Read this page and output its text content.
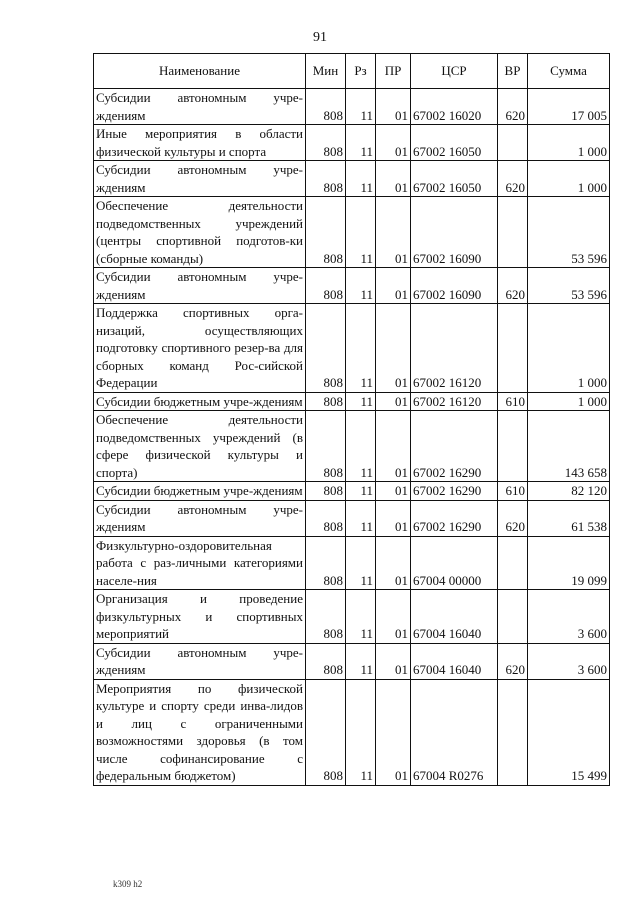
91
Наименование	Мин	Рз	ПР	ЦСР	ВР	Сумма

Субсидии автономным учре-ждениям	808	11	01	67002 16020	620	17 005

Иные мероприятия в области физической культуры и спорта	808	11	01	67002 16050		1 000

Субсидии автономным учре-ждениям	808	11	01	67002 16050	620	1 000

Обеспечение деятельности подведомственных учреждений (центры спортивной подготов-ки (сборные команды)	808	11	01	67002 16090		53 596

Субсидии автономным учре-ждениям	808	11	01	67002 16090	620	53 596

Поддержка спортивных орга-низаций, осуществляющих подготовку спортивного резер-ва для сборных команд Рос-сийской Федерации	808	11	01	67002 16120		1 000

Субсидии бюджетным учре-ждениям	808	11	01	67002 16120	610	1 000

Обеспечение деятельности подведомственных учреждений (в сфере физической культуры и спорта)	808	11	01	67002 16290		143 658

Субсидии бюджетным учре-ждениям	808	11	01	67002 16290	610	82 120

Субсидии автономным учре-ждениям	808	11	01	67002 16290	620	61 538

Физкультурно-оздоровительная работа с раз-личными категориями населе-ния	808	11	01	67004 00000		19 099

Организация и проведение физкультурных и спортивных мероприятий	808	11	01	67004 16040		3 600

Субсидии автономным учре-ждениям	808	11	01	67004 16040	620	3 600

Мероприятия по физической культуре и спорту среди инва-лидов и лиц с ограниченными возможностями здоровья (в том числе софинансирование с федеральным бюджетом)	808	11	01	67004 R0276		15 499
k309 h2
